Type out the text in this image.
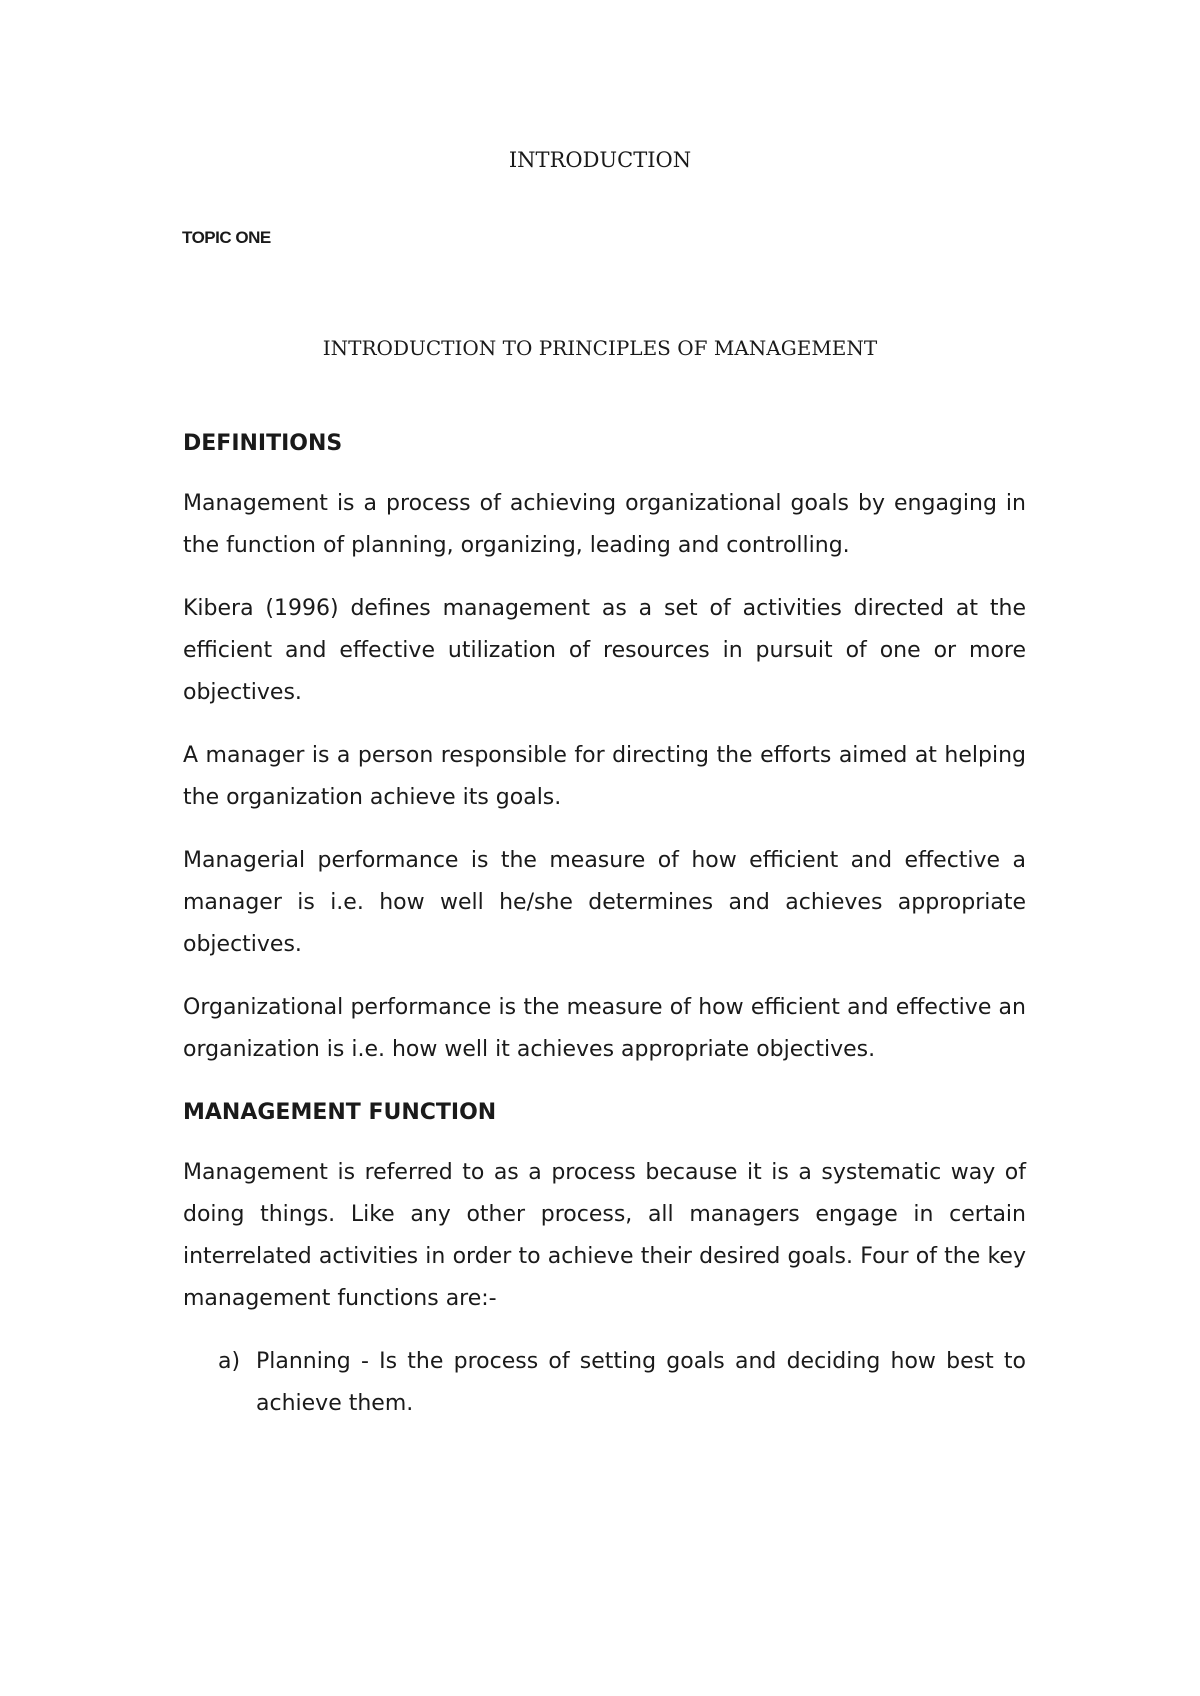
INTRODUCTION
TOPIC ONE
INTRODUCTION TO PRINCIPLES OF MANAGEMENT
DEFINITIONS

Management is a process of achieving organizational goals by engaging in the function of planning, organizing, leading and controlling.

Kibera (1996) defines management as a set of activities directed at the efficient and effective utilization of resources in pursuit of one or more objectives.

A manager is a person responsible for directing the efforts aimed at helping the organization achieve its goals.

Managerial performance is the measure of how efficient and effective a manager is i.e. how well he/she determines and achieves appropriate objectives.

Organizational performance is the measure of how efficient and effective an organization is i.e. how well it achieves appropriate objectives.

MANAGEMENT FUNCTION

Management is referred to as a process because it is a systematic way of doing things. Like any other process, all managers engage in certain interrelated activities in order to achieve their desired goals. Four of the key management functions are:-

a) Planning - Is the process of setting goals and deciding how best to achieve them.
